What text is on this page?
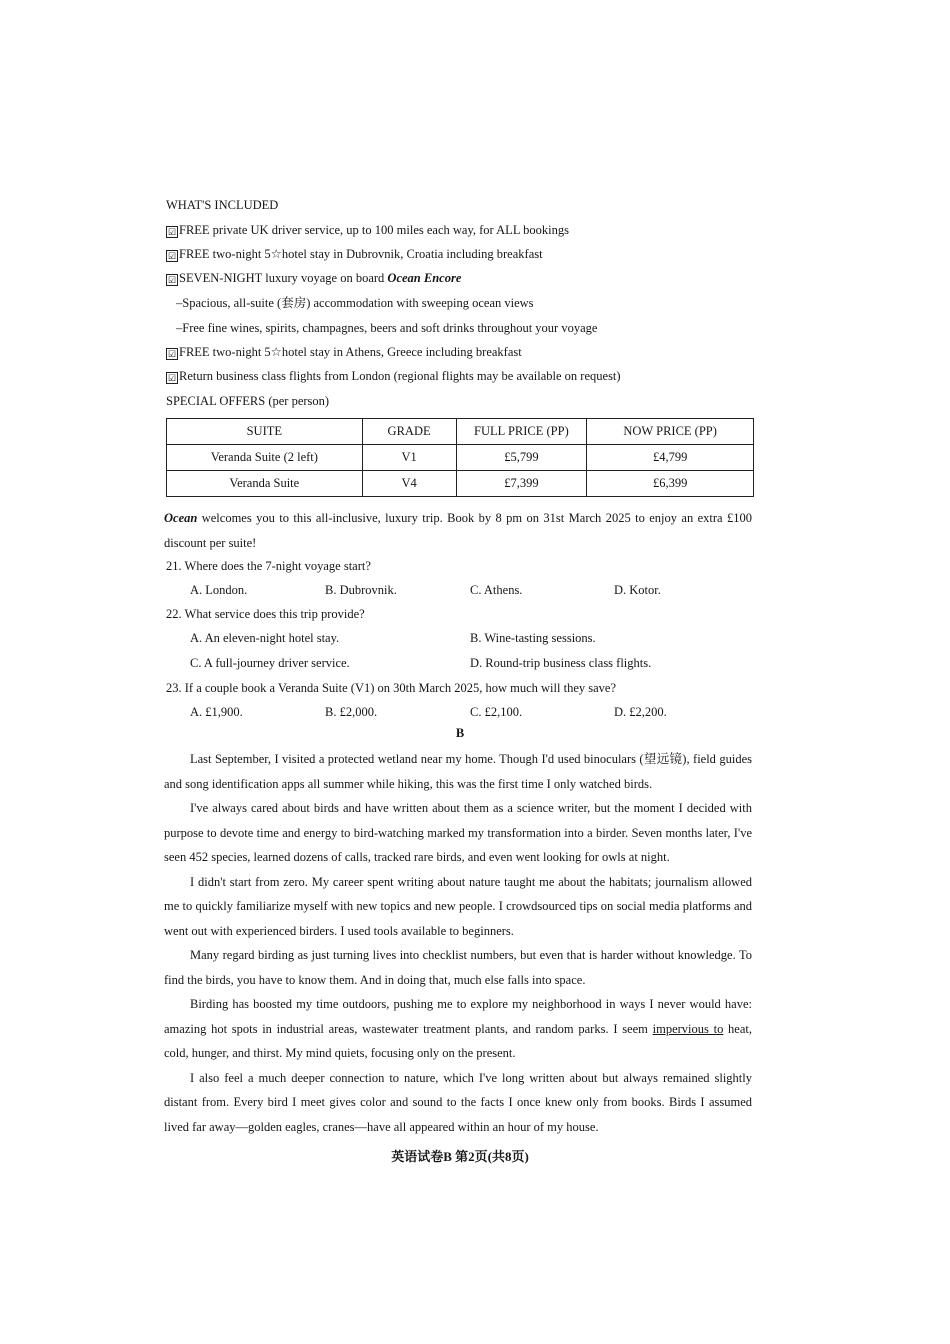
WHAT'S INCLUDED
☑ FREE private UK driver service, up to 100 miles each way, for ALL bookings
☑ FREE two-night 5☆hotel stay in Dubrovnik, Croatia including breakfast
☑ SEVEN-NIGHT luxury voyage on board Ocean Encore
–Spacious, all-suite (套房) accommodation with sweeping ocean views
–Free fine wines, spirits, champagnes, beers and soft drinks throughout your voyage
☑ FREE two-night 5☆hotel stay in Athens, Greece including breakfast
☑ Return business class flights from London (regional flights may be available on request)
SPECIAL OFFERS (per person)
SUITE	GRADE	FULL PRICE (PP)	NOW PRICE (PP)
Veranda Suite (2 left)	V1	£5,799	£4,799
Veranda Suite	V4	£7,399	£6,399

Ocean welcomes you to this all-inclusive, luxury trip. Book by 8 pm on 31st March 2025 to enjoy an extra £100 discount per suite!

21. Where does the 7-night voyage start?
A. London.	B. Dubrovnik.	C. Athens.	D. Kotor.
22. What service does this trip provide?
A. An eleven-night hotel stay.	B. Wine-tasting sessions.
C. A full-journey driver service.	D. Round-trip business class flights.
23. If a couple book a Veranda Suite (V1) on 30th March 2025, how much will they save?
A. £1,900.	B. £2,000.	C. £2,100.	D. £2,200.
B

Last September, I visited a protected wetland near my home. Though I'd used binoculars (望远镜), field guides and song identification apps all summer while hiking, this was the first time I only watched birds.

I've always cared about birds and have written about them as a science writer, but the moment I decided with purpose to devote time and energy to bird-watching marked my transformation into a birder. Seven months later, I've seen 452 species, learned dozens of calls, tracked rare birds, and even went looking for owls at night.

I didn't start from zero. My career spent writing about nature taught me about the habitats; journalism allowed me to quickly familiarize myself with new topics and new people. I crowdsourced tips on social media platforms and went out with experienced birders. I used tools available to beginners.

Many regard birding as just turning lives into checklist numbers, but even that is harder without knowledge. To find the birds, you have to know them. And in doing that, much else falls into space.

Birding has boosted my time outdoors, pushing me to explore my neighborhood in ways I never would have: amazing hot spots in industrial areas, wastewater treatment plants, and random parks. I seem impervious to heat, cold, hunger, and thirst. My mind quiets, focusing only on the present.

I also feel a much deeper connection to nature, which I've long written about but always remained slightly distant from. Every bird I meet gives color and sound to the facts I once knew only from books. Birds I assumed lived far away—golden eagles, cranes—have all appeared within an hour of my house.

英语试卷B 第2页(共8页)
